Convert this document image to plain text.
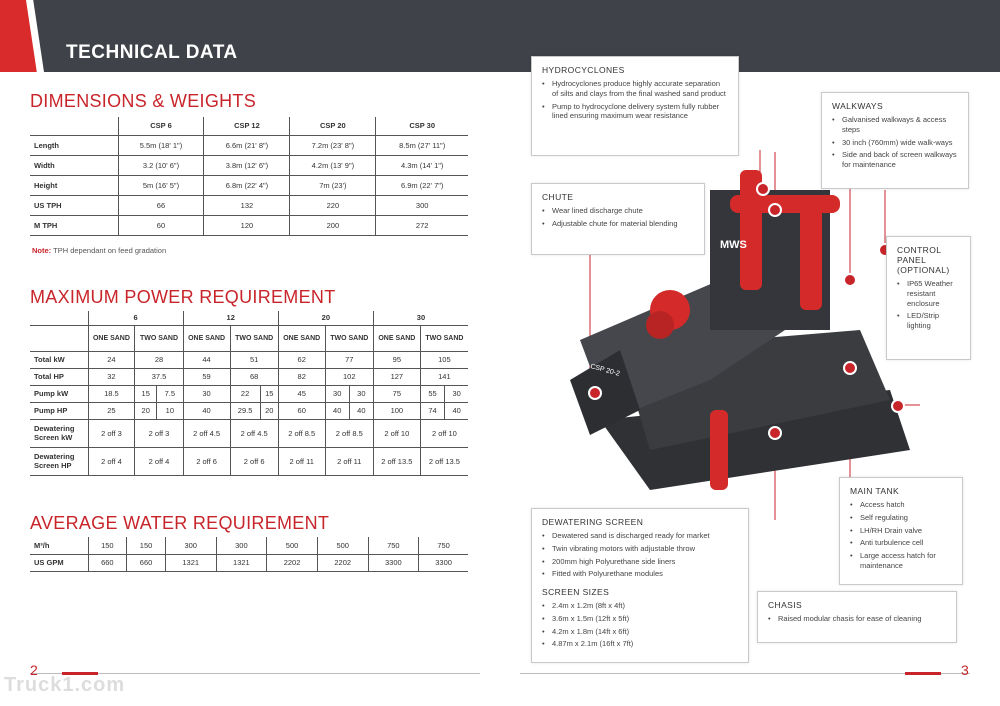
TECHNICAL DATA
DIMENSIONS & WEIGHTS
	CSP 6	CSP 12	CSP 20	CSP 30
Length	5.5m (18' 1")	6.6m (21' 8")	7.2m (23' 8")	8.5m (27' 11")
Width	3.2 (10' 6")	3.8m (12' 6")	4.2m (13' 9")	4.3m (14' 1")
Height	5m (16' 5")	6.8m (22' 4")	7m (23')	6.9m (22' 7")
US TPH	66	132	220	300
M TPH	60	120	200	272
Note: TPH dependant on feed gradation
MAXIMUM POWER REQUIREMENT
	6			12			20			30		
	ONE SAND	TWO SAND		ONE SAND	TWO SAND		ONE SAND	TWO SAND		ONE SAND	TWO SAND	
Total kW	24	28		44	51		62	77		95	105	
Total HP	32	37.5		59	68		82	102		127	141	
Pump kW	18.5	15	7.5	30	22	15	45	30	30	75	55	30
Pump HP	25	20	10	40	29.5	20	60	40	40	100	74	40
Dewatering Screen kW	2 off 3	2 off 3		2 off 4.5	2 off 4.5		2 off 8.5	2 off 8.5		2 off 10	2 off 10	
Dewatering Screen HP	2 off 4	2 off 4		2 off 6	2 off 6		2 off 11	2 off 11		2 off 13.5	2 off 13.5	
AVERAGE WATER REQUIREMENT
M³/h	150	150	300	300	500	500	750	750
US GPM	660	660	1321	1321	2202	2202	3300	3300
MWS
CSP 20-2
HYDROCYCLONES
• Hydrocyclones produce highly accurate separation of silts and clays from the final washed sand product
• Pump to hydrocyclone delivery system fully rubber lined ensuring maximum wear resistance
WALKWAYS
• Galvanised walkways & access steps
• 30 inch (760mm) wide walk-ways
• Side and back of screen walkways for maintenance
CHUTE
• Wear lined discharge chute
• Adjustable chute for material blending
CONTROL PANEL (OPTIONAL)
• IP65 Weather resistant enclosure
• LED/Strip lighting
MAIN TANK
• Access hatch
• Self regulating
• LH/RH Drain valve
• Anti turbulence cell
• Large access hatch for maintenance
DEWATERING SCREEN
• Dewatered sand is discharged ready for market
• Twin vibrating motors with adjustable throw
• 200mm high Polyurethane side liners
• Fitted with Polyurethane modules
SCREEN SIZES
• 2.4m x 1.2m (8ft x 4ft)
• 3.6m x 1.5m (12ft x 5ft)
• 4.2m x 1.8m (14ft x 6ft)
• 4.87m x 2.1m (16ft x 7ft)
CHASIS
• Raised modular chasis for ease of cleaning
2	3
Truck1.com
